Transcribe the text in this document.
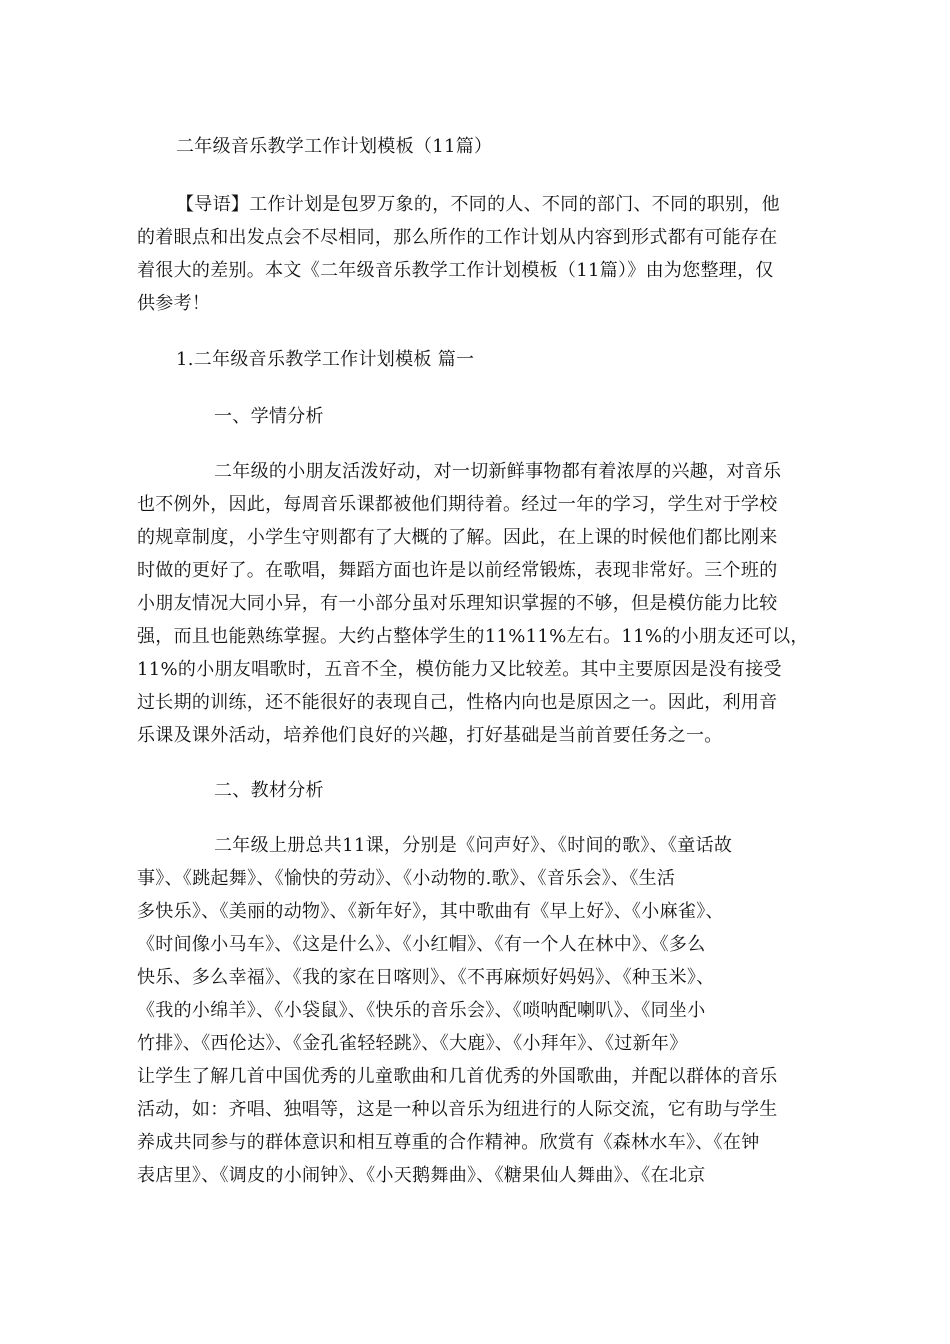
二年级音乐教学工作计划模板（11篇）
【导语】工作计划是包罗万象的，不同的人、不同的部门、不同的职别，他
的着眼点和出发点会不尽相同，那么所作的工作计划从内容到形式都有可能存在
着很大的差别。本文《二年级音乐教学工作计划模板（11篇）》由为您整理，仅
供参考！
1.二年级音乐教学工作计划模板 篇一
一、学情分析
二年级的小朋友活泼好动，对一切新鲜事物都有着浓厚的兴趣，对音乐
也不例外，因此，每周音乐课都被他们期待着。经过一年的学习，学生对于学校
的规章制度，小学生守则都有了大概的了解。因此，在上课的时候他们都比刚来
时做的更好了。在歌唱，舞蹈方面也许是以前经常锻炼，表现非常好。三个班的
小朋友情况大同小异，有一小部分虽对乐理知识掌握的不够，但是模仿能力比较
强，而且也能熟练掌握。大约占整体学生的11%11%左右。11%的小朋友还可以，
11%的小朋友唱歌时，五音不全，模仿能力又比较差。其中主要原因是没有接受
过长期的训练，还不能很好的表现自己，性格内向也是原因之一。因此，利用音
乐课及课外活动，培养他们良好的兴趣，打好基础是当前首要任务之一。
二、教材分析
二年级上册总共11课，分别是《问声好》、《时间的歌》、《童话故
事》、《跳起舞》、《愉快的劳动》、《小动物的.歌》、《音乐会》、《生活
多快乐》、《美丽的动物》、《新年好》，其中歌曲有《早上好》、《小麻雀》、
《时间像小马车》、《这是什么》、《小红帽》、《有一个人在林中》、《多么
快乐、多么幸福》、《我的家在日喀则》、《不再麻烦好妈妈》、《种玉米》、
《我的小绵羊》、《小袋鼠》、《快乐的音乐会》、《唢呐配喇叭》、《同坐小
竹排》、《西伦达》、《金孔雀轻轻跳》、《大鹿》、《小拜年》、《过新年》
让学生了解几首中国优秀的儿童歌曲和几首优秀的外国歌曲，并配以群体的音乐
活动，如：齐唱、独唱等，这是一种以音乐为纽进行的人际交流，它有助与学生
养成共同参与的群体意识和相互尊重的合作精神。欣赏有《森林水车》、《在钟
表店里》、《调皮的小闹钟》、《小天鹅舞曲》、《糖果仙人舞曲》、《在北京
